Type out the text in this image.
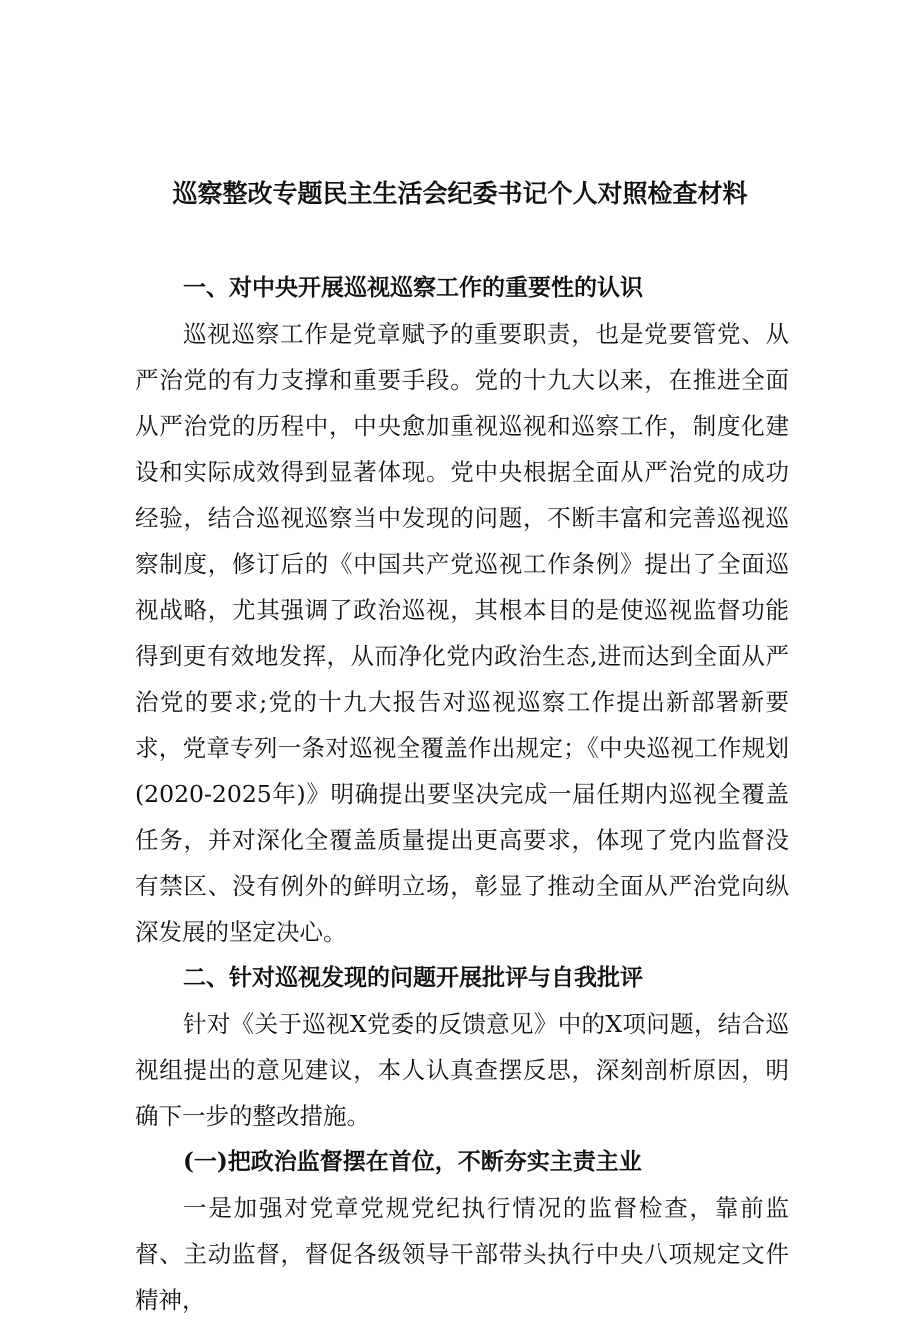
巡察整改专题民主生活会纪委书记个人对照检查材料
一、对中央开展巡视巡察工作的重要性的认识

巡视巡察工作是党章赋予的重要职责，也是党要管党、从严治党的有力支撑和重要手段。党的十九大以来，在推进全面从严治党的历程中，中央愈加重视巡视和巡察工作，制度化建设和实际成效得到显著体现。党中央根据全面从严治党的成功经验，结合巡视巡察当中发现的问题，不断丰富和完善巡视巡察制度，修订后的《中国共产党巡视工作条例》提出了全面巡视战略，尤其强调了政治巡视，其根本目的是使巡视监督功能得到更有效地发挥，从而净化党内政治生态,进而达到全面从严治党的要求;党的十九大报告对巡视巡察工作提出新部署新要求，党章专列一条对巡视全覆盖作出规定；《中央巡视工作规划(2020-2025年)》明确提出要坚决完成一届任期内巡视全覆盖任务，并对深化全覆盖质量提出更高要求，体现了党内监督没有禁区、没有例外的鲜明立场，彰显了推动全面从严治党向纵深发展的坚定决心。

二、针对巡视发现的问题开展批评与自我批评

针对《关于巡视X党委的反馈意见》中的X项问题，结合巡视组提出的意见建议，本人认真查摆反思，深刻剖析原因，明确下一步的整改措施。

(一)把政治监督摆在首位，不断夯实主责主业

一是加强对党章党规党纪执行情况的监督检查，靠前监督、主动监督，督促各级领导干部带头执行中央八项规定文件精神，
